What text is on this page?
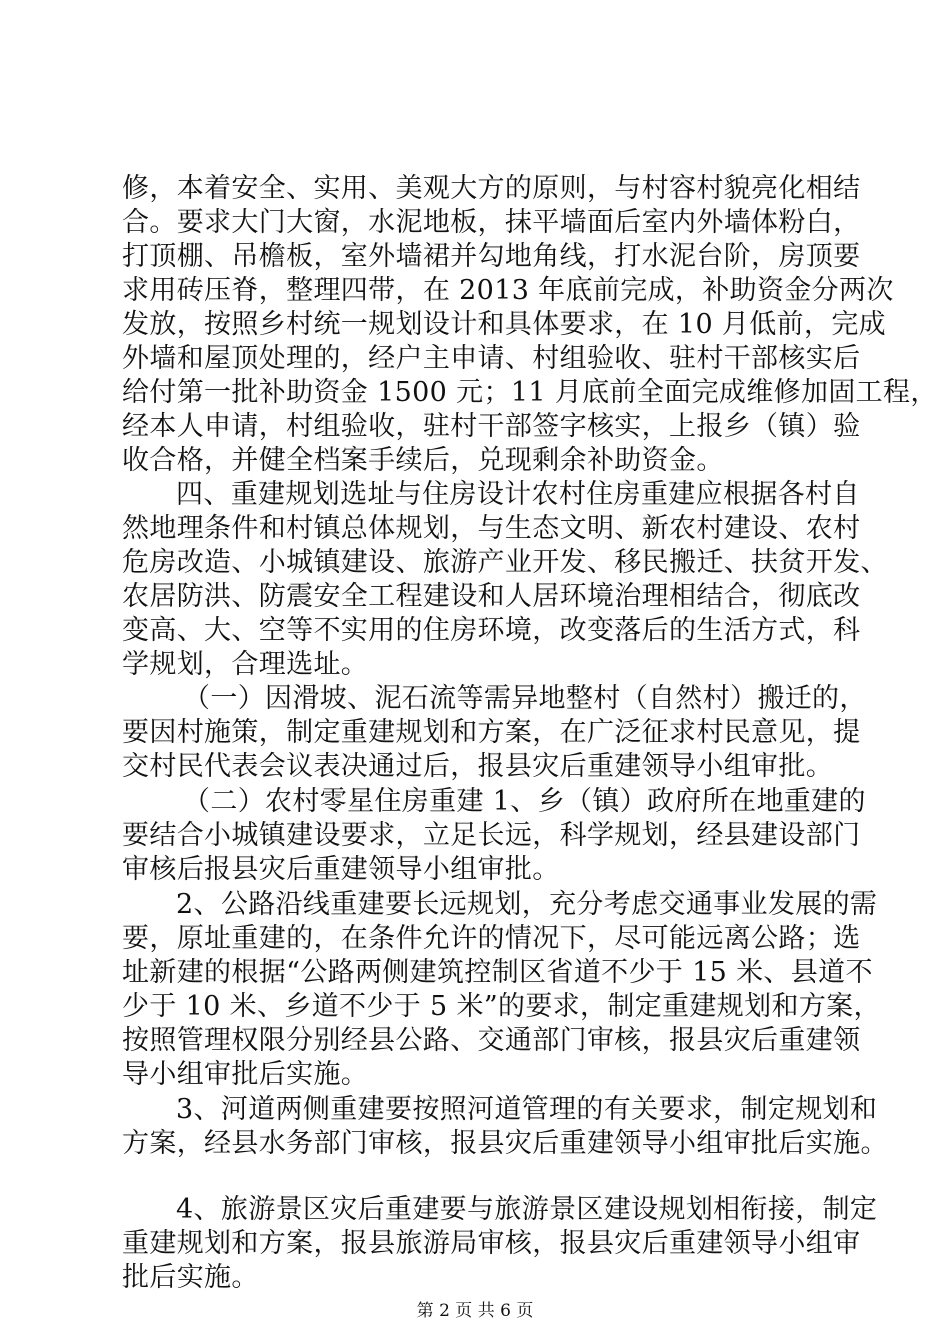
修，本着安全、实用、美观大方的原则，与村容村貌亮化相结
合。要求大门大窗，水泥地板，抹平墙面后室内外墙体粉白，
打顶棚、吊檐板，室外墙裙并勾地角线，打水泥台阶，房顶要
求用砖压脊，整理四带，在 2013 年底前完成，补助资金分两次
发放，按照乡村统一规划设计和具体要求，在 10 月低前，完成
外墙和屋顶处理的，经户主申请、村组验收、驻村干部核实后
给付第一批补助资金 1500 元；11 月底前全面完成维修加固工程，
经本人申请，村组验收，驻村干部签字核实，上报乡（镇）验
收合格，并健全档案手续后，兑现剩余补助资金。
四、重建规划选址与住房设计农村住房重建应根据各村自
然地理条件和村镇总体规划，与生态文明、新农村建设、农村
危房改造、小城镇建设、旅游产业开发、移民搬迁、扶贫开发、
农居防洪、防震安全工程建设和人居环境治理相结合，彻底改
变高、大、空等不实用的住房环境，改变落后的生活方式，科
学规划，合理选址。
（一）因滑坡、泥石流等需异地整村（自然村）搬迁的，
要因村施策，制定重建规划和方案，在广泛征求村民意见，提
交村民代表会议表决通过后，报县灾后重建领导小组审批。
（二）农村零星住房重建 1、乡（镇）政府所在地重建的
要结合小城镇建设要求，立足长远，科学规划，经县建设部门
审核后报县灾后重建领导小组审批。
2、公路沿线重建要长远规划，充分考虑交通事业发展的需
要，原址重建的，在条件允许的情况下，尽可能远离公路；选
址新建的根据“公路两侧建筑控制区省道不少于 15 米、县道不
少于 10 米、乡道不少于 5 米”的要求，制定重建规划和方案，
按照管理权限分别经县公路、交通部门审核，报县灾后重建领
导小组审批后实施。
3、河道两侧重建要按照河道管理的有关要求，制定规划和
方案，经县水务部门审核，报县灾后重建领导小组审批后实施。
4、旅游景区灾后重建要与旅游景区建设规划相衔接，制定
重建规划和方案，报县旅游局审核，报县灾后重建领导小组审
批后实施。
第 2 页 共 6 页
